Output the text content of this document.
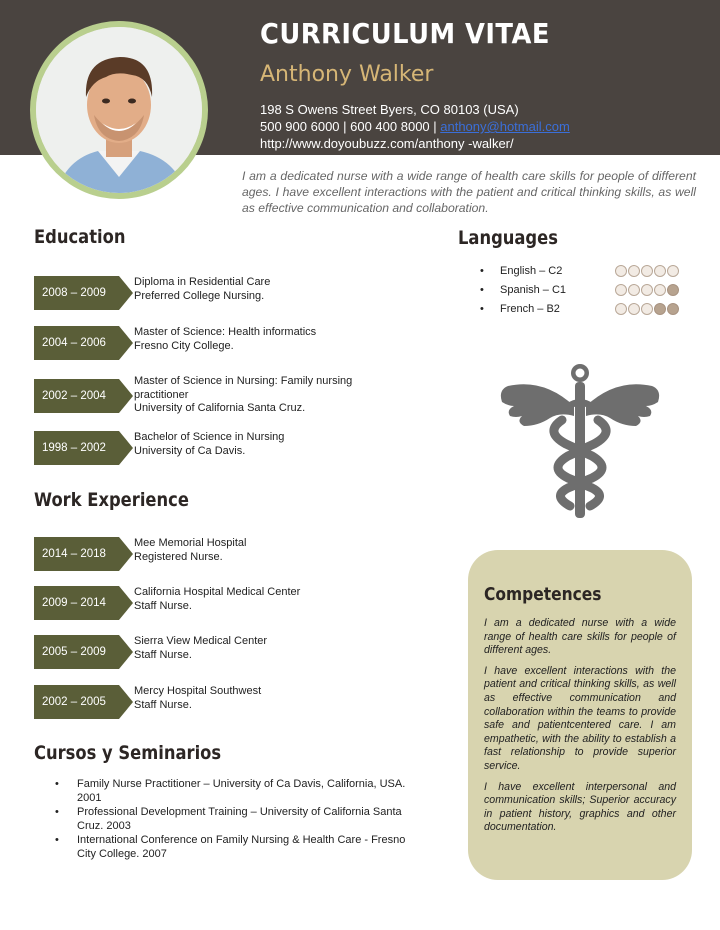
CURRICULUM VITAE
Anthony Walker
198 S Owens Street Byers, CO 80103 (USA)
500 900 6000 | 600 400 8000 | anthony@hotmail.com
http://www.doyoubuzz.com/anthony -walker/
I am a dedicated nurse with a wide range of health care skills for people of different ages. I have excellent interactions with the patient and critical thinking skills, as well as effective communication and collaboration.
Education
2008 – 2009
Diploma in Residential Care
Preferred College Nursing.
2004 – 2006
Master of Science: Health informatics
Fresno City College.
2002 – 2004
Master of Science in Nursing: Family nursing practitioner
University of California Santa Cruz.
1998 – 2002
Bachelor of Science in Nursing
University of Ca Davis.
Work Experience
2014 – 2018
Mee Memorial Hospital
Registered Nurse.
2009 – 2014
California Hospital Medical Center
Staff Nurse.
2005 – 2009
Sierra View Medical Center
Staff Nurse.
2002 – 2005
Mercy Hospital Southwest
Staff Nurse.
Cursos y Seminarios
• Family Nurse Practitioner – University of Ca Davis, California, USA. 2001
• Professional Development Training – University of California Santa Cruz. 2003
• International Conference on Family Nursing & Health Care - Fresno City College. 2007
Languages
• English – C2
• Spanish – C1
• French – B2
Competences

I am a dedicated nurse with a wide range of health care skills for people of different ages.

I have excellent interactions with the patient and critical thinking skills, as well as effective communication and collaboration within the teams to provide safe and patientcentered care. I am empathetic, with the ability to establish a fast relationship to provide superior service.

I have excellent interpersonal and communication skills; Superior accuracy in patient history, graphics and other documentation.
